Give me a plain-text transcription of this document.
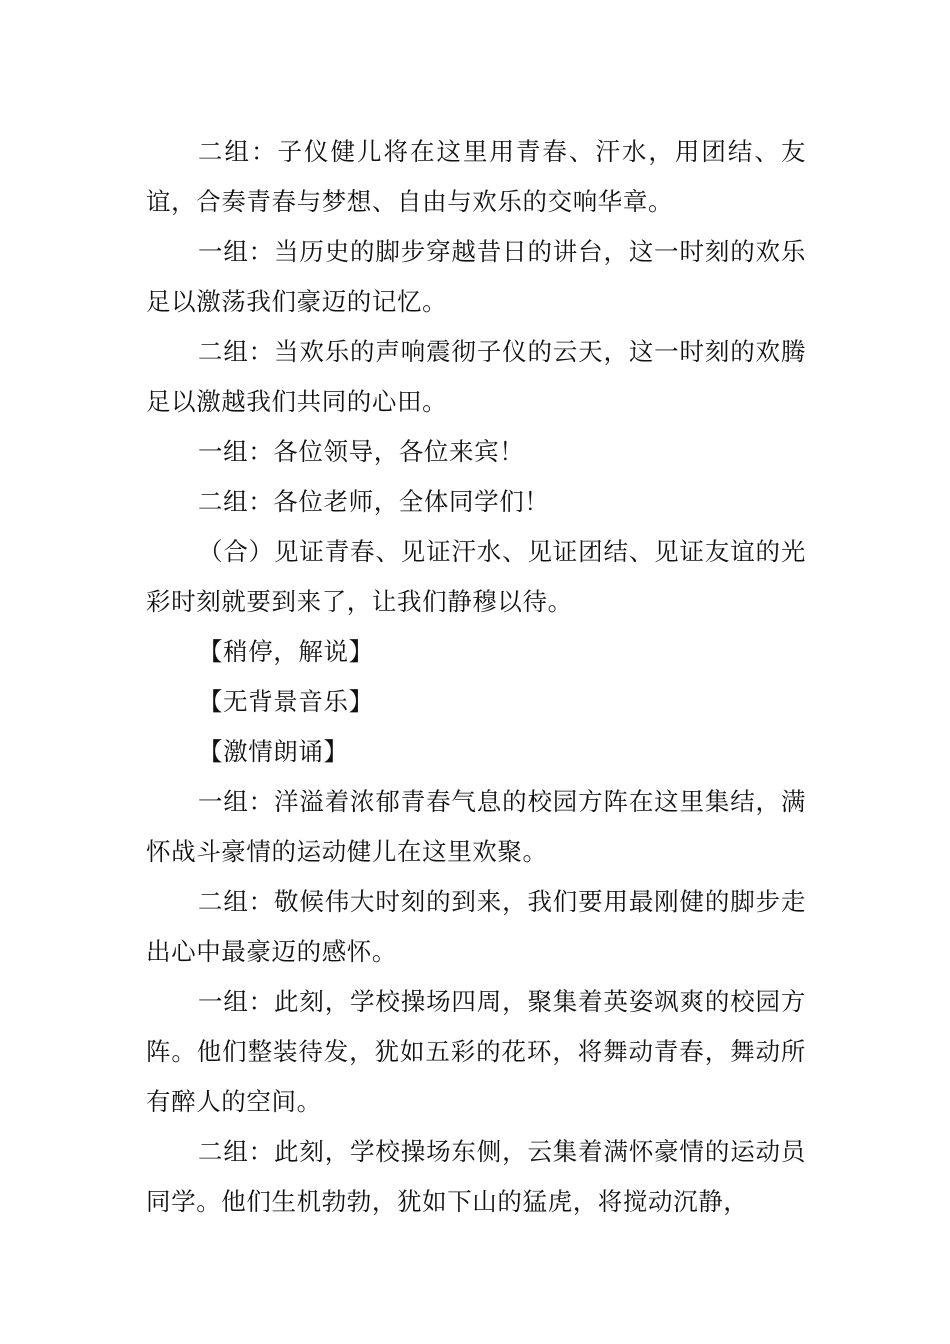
二组：子仪健儿将在这里用青春、汗水，用团结、友谊，合奏青春与梦想、自由与欢乐的交响华章。

一组：当历史的脚步穿越昔日的讲台，这一时刻的欢乐足以激荡我们豪迈的记忆。

二组：当欢乐的声响震彻子仪的云天，这一时刻的欢腾足以激越我们共同的心田。

一组：各位领导，各位来宾！

二组：各位老师，全体同学们！

（合）见证青春、见证汗水、见证团结、见证友谊的光彩时刻就要到来了，让我们静穆以待。

【稍停，解说】

【无背景音乐】

【激情朗诵】

一组：洋溢着浓郁青春气息的校园方阵在这里集结，满怀战斗豪情的运动健儿在这里欢聚。

二组：敬候伟大时刻的到来，我们要用最刚健的脚步走出心中最豪迈的感怀。

一组：此刻，学校操场四周，聚集着英姿飒爽的校园方阵。他们整装待发，犹如五彩的花环，将舞动青春，舞动所有醉人的空间。

二组：此刻，学校操场东侧，云集着满怀豪情的运动员同学。他们生机勃勃，犹如下山的猛虎，将搅动沉静，
